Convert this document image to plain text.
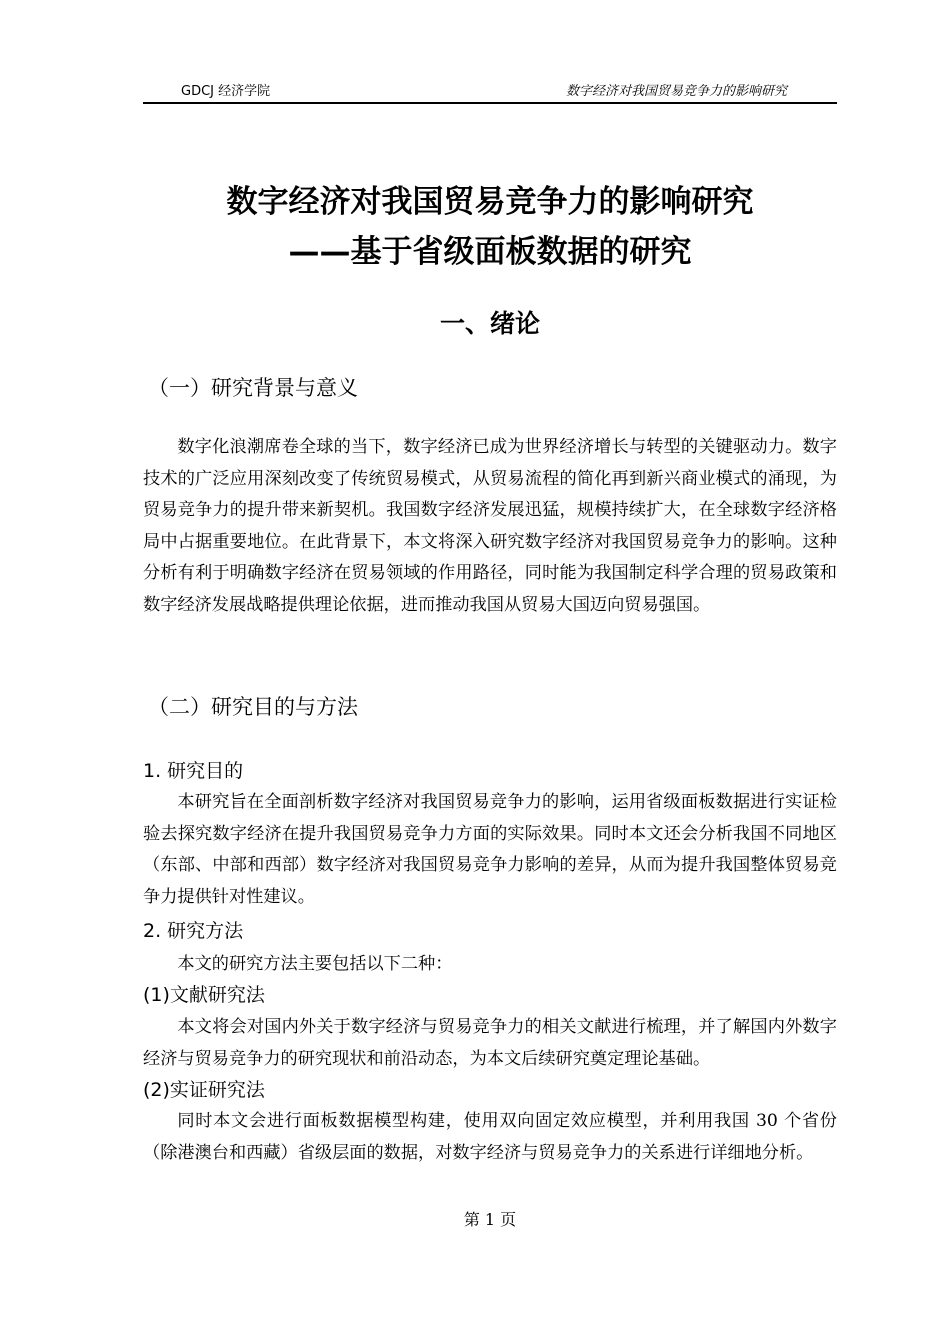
GDCJ 经济学院	数字经济对我国贸易竞争力的影响研究
数字经济对我国贸易竞争力的影响研究
——基于省级面板数据的研究
一、绪论
（一）研究背景与意义

数字化浪潮席卷全球的当下，数字经济已成为世界经济增长与转型的关键驱动力。数字技术的广泛应用深刻改变了传统贸易模式，从贸易流程的简化再到新兴商业模式的涌现，为贸易竞争力的提升带来新契机。我国数字经济发展迅猛，规模持续扩大，在全球数字经济格局中占据重要地位。在此背景下，本文将深入研究数字经济对我国贸易竞争力的影响。这种分析有利于明确数字经济在贸易领域的作用路径，同时能为我国制定科学合理的贸易政策和数字经济发展战略提供理论依据，进而推动我国从贸易大国迈向贸易强国。

（二）研究目的与方法
1. 研究目的

本研究旨在全面剖析数字经济对我国贸易竞争力的影响，运用省级面板数据进行实证检验去探究数字经济在提升我国贸易竞争力方面的实际效果。同时本文还会分析我国不同地区（东部、中部和西部）数字经济对我国贸易竞争力影响的差异，从而为提升我国整体贸易竞争力提供针对性建议。

2. 研究方法

本文的研究方法主要包括以下二种：

(1)文献研究法

本文将会对国内外关于数字经济与贸易竞争力的相关文献进行梳理，并了解国内外数字经济与贸易竞争力的研究现状和前沿动态，为本文后续研究奠定理论基础。

(2)实证研究法

同时本文会进行面板数据模型构建，使用双向固定效应模型，并利用我国 30 个省份（除港澳台和西藏）省级层面的数据，对数字经济与贸易竞争力的关系进行详细地分析。

第 1 页
